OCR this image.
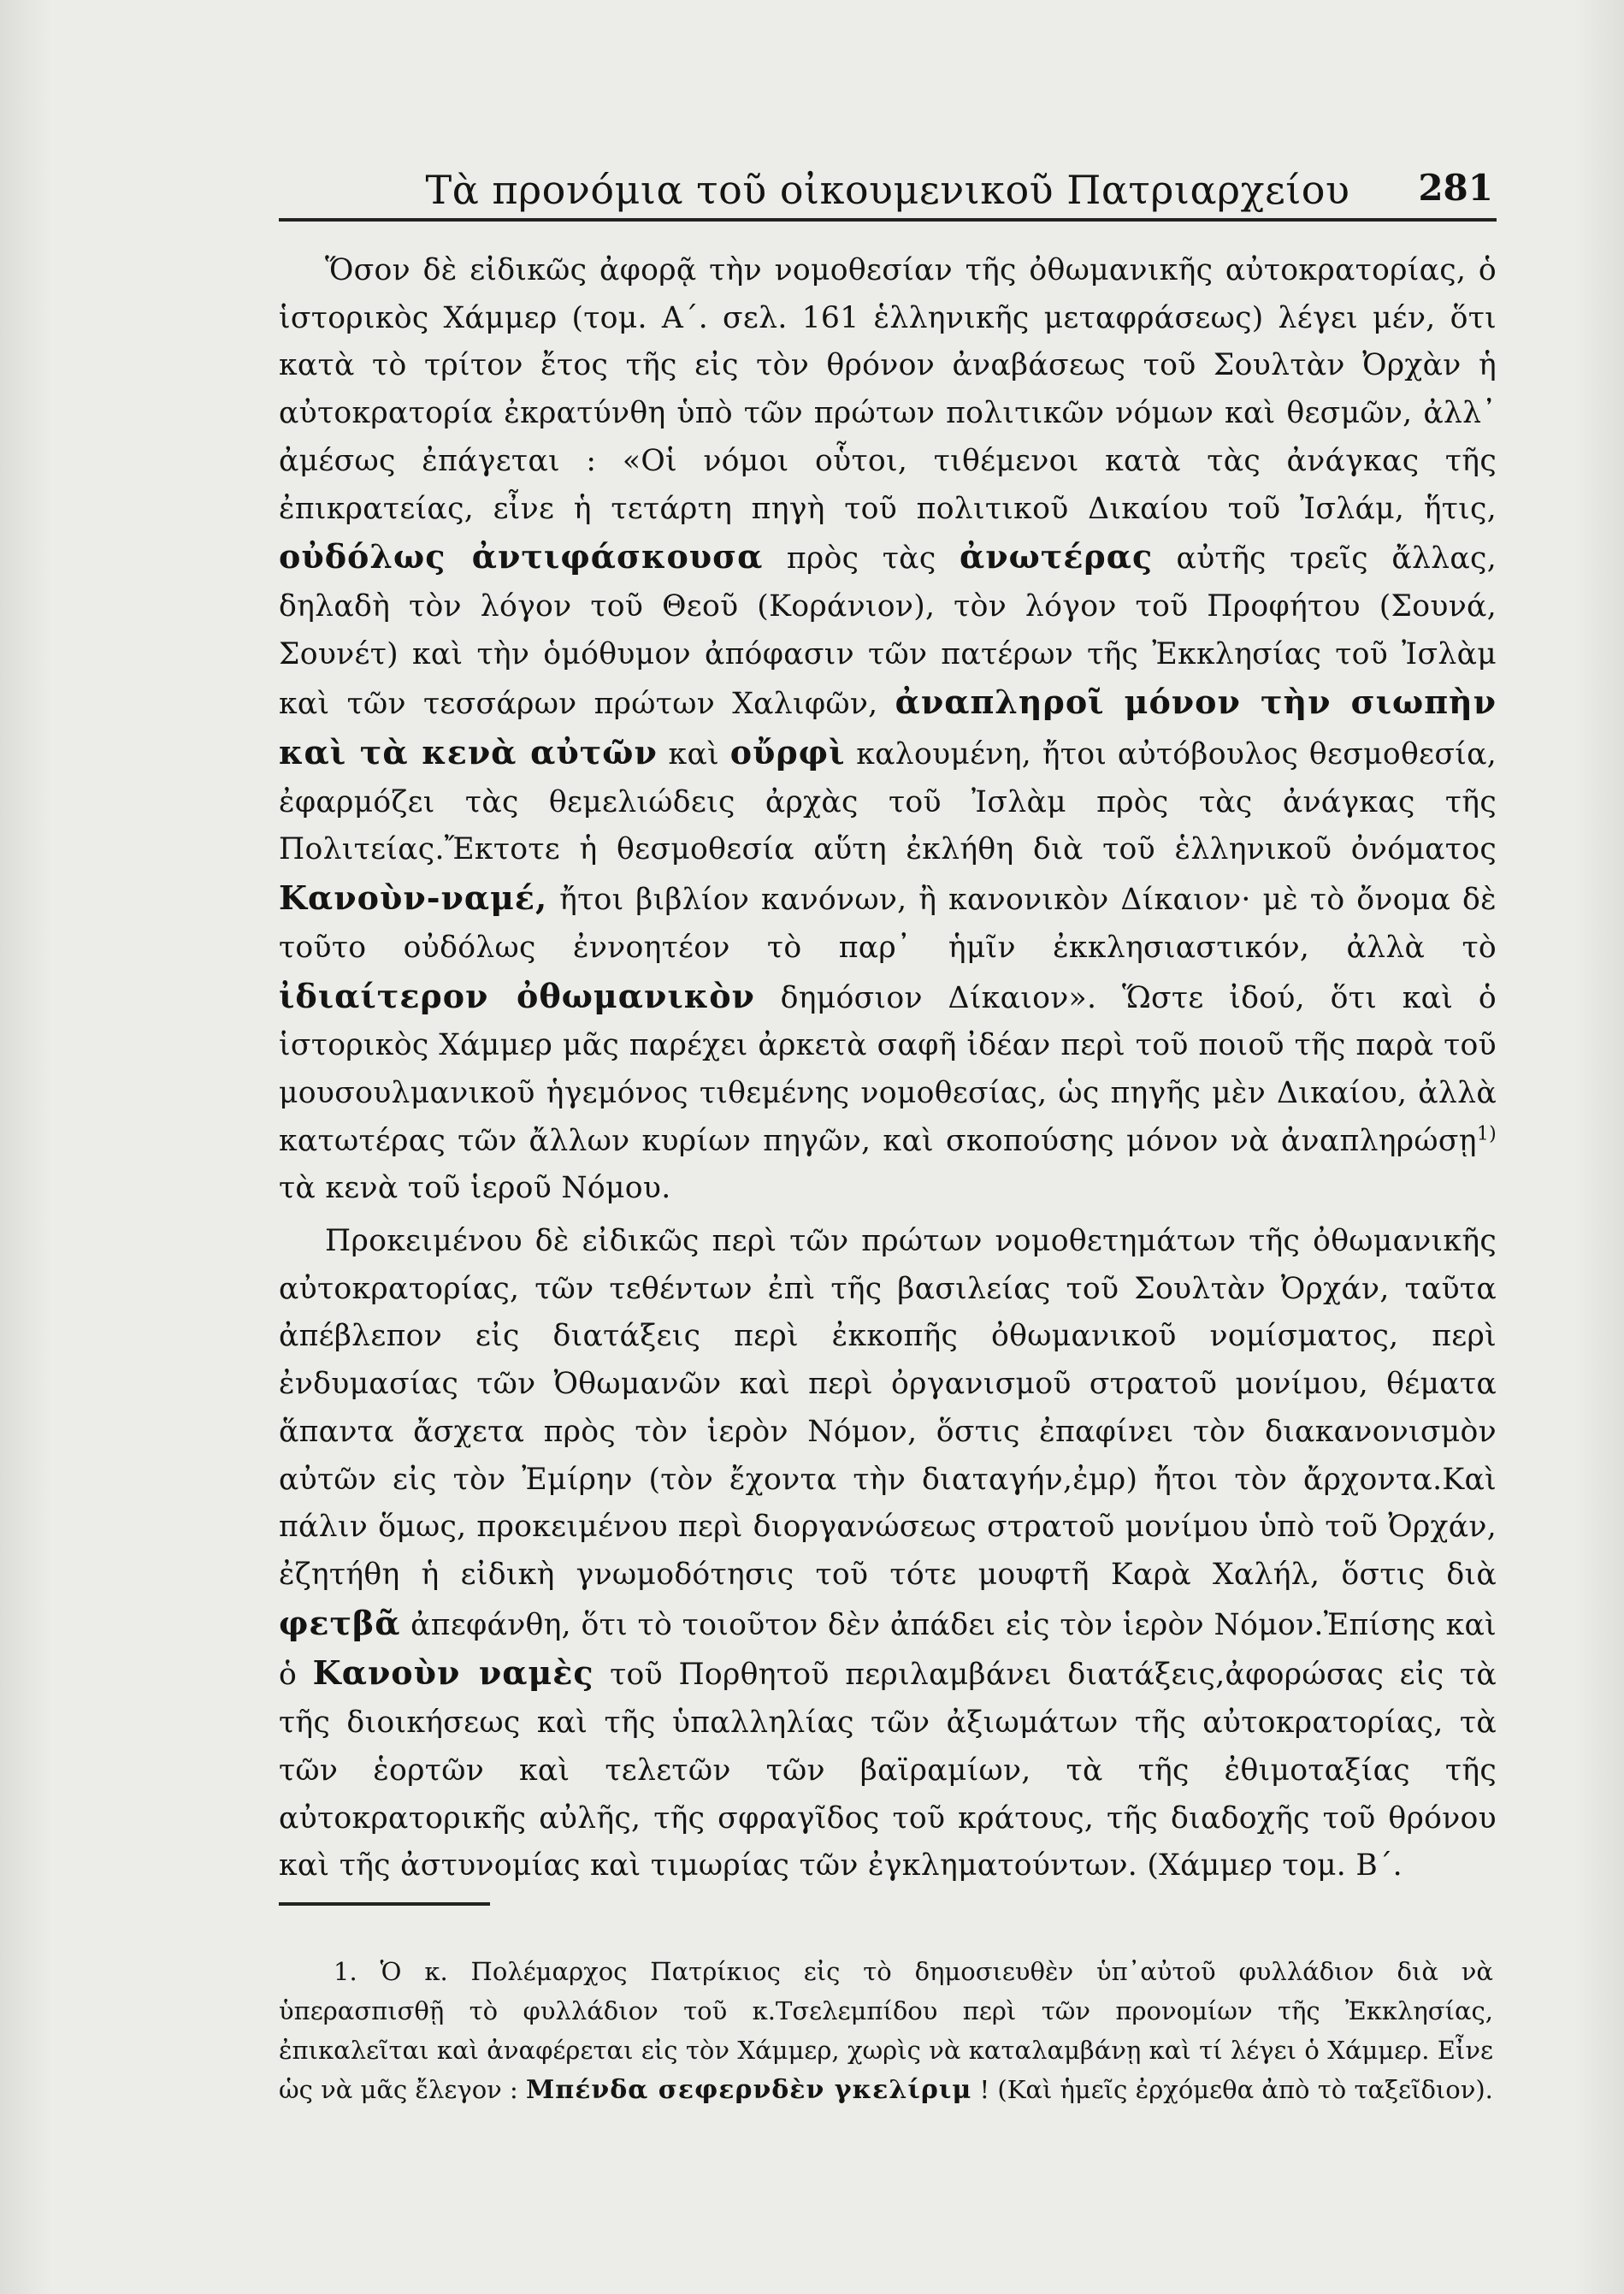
Τὰ προνόμια τοῦ οἰκουμενικοῦ Πατριαρχείου	281

Ὅσον δὲ εἰδικῶς ἀφορᾷ τὴν νομοθεσίαν τῆς ὀθωμανικῆς αὐτοκρατορίας, ὁ ἱστορικὸς Χάμμερ (τομ. Α΄. σελ. 161 ἑλληνικῆς μεταφράσεως) λέγει μέν, ὅτι κατὰ τὸ τρίτον ἔτος τῆς εἰς τὸν θρόνον ἀναβάσεως τοῦ Σουλτὰν Ὀρχὰν ἡ αὐτοκρατορία ἐκρατύνθη ὑπὸ τῶν πρώτων πολιτικῶν νόμων καὶ θεσμῶν, ἀλλ᾽ ἀμέσως ἐπάγεται : «Οἱ νόμοι οὗτοι, τιθέμενοι κατὰ τὰς ἀνάγκας τῆς ἐπικρατείας, εἶνε ἡ τετάρτη πηγὴ τοῦ πολιτικοῦ Δικαίου τοῦ Ἰσλάμ, ἥτις, οὐδόλως ἀντιφάσκουσα πρὸς τὰς ἀνωτέρας αὐτῆς τρεῖς ἄλλας, δηλαδὴ τὸν λόγον τοῦ Θεοῦ (Κοράνιον), τὸν λόγον τοῦ Προφήτου (Σουνά, Σουνέτ) καὶ τὴν ὁμόθυμον ἀπόφασιν τῶν πατέρων τῆς Ἐκκλησίας τοῦ Ἰσλὰμ καὶ τῶν τεσσάρων πρώτων Χαλιφῶν, ἀναπληροῖ μόνον τὴν σιωπὴν καὶ τὰ κενὰ αὐτῶν καὶ οὔρφὶ καλουμένη, ἤτοι αὐτόβουλος θεσμοθεσία, ἐφαρμόζει τὰς θεμελιώδεις ἀρχὰς τοῦ Ἰσλὰμ πρὸς τὰς ἀνάγκας τῆς Πολιτείας.Ἔκτοτε ἡ θεσμοθεσία αὕτη ἐκλήθη διὰ τοῦ ἑλληνικοῦ ὀνόματος Κανοὺν-ναμέ, ἤτοι βιβλίον κανόνων, ἢ κανονικὸν Δίκαιον· μὲ τὸ ὄνομα δὲ τοῦτο οὐδόλως ἐννοητέον τὸ παρ᾽ ἡμῖν ἐκκλησιαστικόν, ἀλλὰ τὸ ἰδιαίτερον ὀθωμανικὸν δημόσιον Δίκαιον». Ὥστε ἰδού, ὅτι καὶ ὁ ἱστορικὸς Χάμμερ μᾶς παρέχει ἀρκετὰ σαφῆ ἰδέαν περὶ τοῦ ποιοῦ τῆς παρὰ τοῦ μουσουλμανικοῦ ἡγεμόνος τιθεμένης νομοθεσίας, ὡς πηγῆς μὲν Δικαίου, ἀλλὰ κατωτέρας τῶν ἄλλων κυρίων πηγῶν, καὶ σκοπούσης μόνον νὰ ἀναπληρώσῃ$^{1)}$ τὰ κενὰ τοῦ ἱεροῦ Νόμου.

Προκειμένου δὲ εἰδικῶς περὶ τῶν πρώτων νομοθετημάτων τῆς ὀθωμανικῆς αὐτοκρατορίας, τῶν τεθέντων ἐπὶ τῆς βασιλείας τοῦ Σουλτὰν Ὀρχάν, ταῦτα ἀπέβλεπον εἰς διατάξεις περὶ ἐκκοπῆς ὀθωμανικοῦ νομίσματος, περὶ ἐνδυμασίας τῶν Ὀθωμανῶν καὶ περὶ ὀργανισμοῦ στρατοῦ μονίμου, θέματα ἅπαντα ἄσχετα πρὸς τὸν ἱερὸν Νόμον, ὅστις ἐπαφίνει τὸν διακανονισμὸν αὐτῶν εἰς τὸν Ἐμίρην (τὸν ἔχοντα τὴν διαταγήν,ἐμρ) ἤτοι τὸν ἄρχοντα.Καὶ πάλιν ὅμως, προκειμένου περὶ διοργανώσεως στρατοῦ μονίμου ὑπὸ τοῦ Ὀρχάν, ἐζητήθη ἡ εἰδικὴ γνωμοδότησις τοῦ τότε μουφτῆ Καρὰ Χαλήλ, ὅστις διὰ φετβᾶ ἀπεφάνθη, ὅτι τὸ τοιοῦτον δὲν ἀπάδει εἰς τὸν ἱερὸν Νόμον.Ἐπίσης καὶ ὁ Κανοὺν ναμὲς τοῦ Πορθητοῦ περιλαμβάνει διατάξεις,ἀφορώσας εἰς τὰ τῆς διοικήσεως καὶ τῆς ὑπαλληλίας τῶν ἀξιωμάτων τῆς αὐτοκρατορίας, τὰ τῶν ἑορτῶν καὶ τελετῶν τῶν βαϊραμίων, τὰ τῆς ἐθιμοταξίας τῆς αὐτοκρατορικῆς αὐλῆς, τῆς σφραγῖδος τοῦ κράτους, τῆς διαδοχῆς τοῦ θρόνου καὶ τῆς ἀστυνομίας καὶ τιμωρίας τῶν ἐγκληματούντων. (Χάμμερ τομ. Β΄.

1. Ὁ κ. Πολέμαρχος Πατρίκιος εἰς τὸ δημοσιευθὲν ὑπ᾽αὐτοῦ φυλλάδιον διὰ νὰ ὑπερασπισθῇ τὸ φυλλάδιον τοῦ κ.Τσελεμπίδου περὶ τῶν προνομίων τῆς Ἐκκλησίας, ἐπικαλεῖται καὶ ἀναφέρεται εἰς τὸν Χάμμερ, χωρὶς νὰ καταλαμβάνῃ καὶ τί λέγει ὁ Χάμμερ. Εἶνε ὡς νὰ μᾶς ἔλεγον : Μπένδα σεφερνδὲν γκελίριμ ! (Καὶ ἡμεῖς ἐρχόμεθα ἀπὸ τὸ ταξεῖδιον).
